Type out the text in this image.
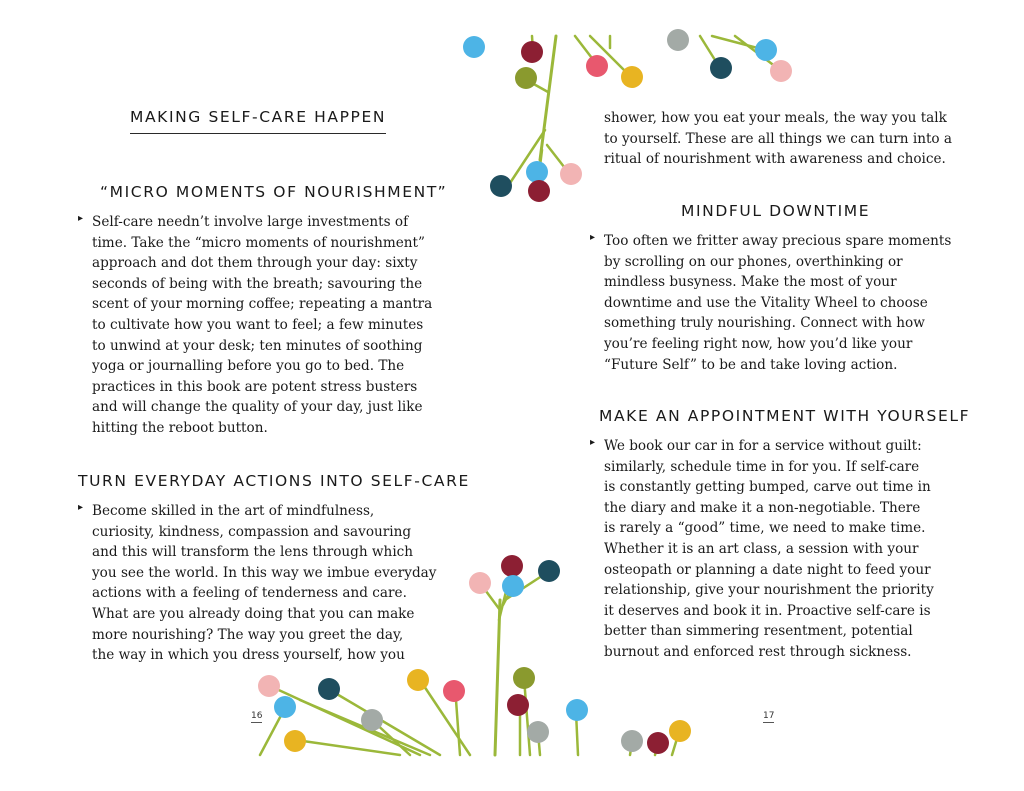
MAKING SELF-CARE HAPPEN
“MICRO MOMENTS OF NOURISHMENT”
▸ Self-care needn’t involve large investments of
time. Take the “micro moments of nourishment”
approach and dot them through your day: sixty
seconds of being with the breath; savouring the
scent of your morning coffee; repeating a mantra
to cultivate how you want to feel; a few minutes
to unwind at your desk; ten minutes of soothing
yoga or journalling before you go to bed. The
practices in this book are potent stress busters
and will change the quality of your day, just like
hitting the reboot button.
TURN EVERYDAY ACTIONS INTO SELF-CARE
▸ Become skilled in the art of mindfulness,
curiosity, kindness, compassion and savouring
and this will transform the lens through which
you see the world. In this way we imbue everyday
actions with a feeling of tenderness and care.
What are you already doing that you can make
more nourishing? The way you greet the day,
the way in which you dress yourself, how you
16
shower, how you eat your meals, the way you talk
to yourself. These are all things we can turn into a
ritual of nourishment with awareness and choice.
MINDFUL DOWNTIME
▸ Too often we fritter away precious spare moments
by scrolling on our phones, overthinking or
mindless busyness. Make the most of your
downtime and use the Vitality Wheel to choose
something truly nourishing. Connect with how
you’re feeling right now, how you’d like your
“Future Self” to be and take loving action.
MAKE AN APPOINTMENT WITH YOURSELF
▸ We book our car in for a service without guilt:
similarly, schedule time in for you. If self-care
is constantly getting bumped, carve out time in
the diary and make it a non-negotiable. There
is rarely a “good” time, we need to make time.
Whether it is an art class, a session with your
osteopath or planning a date night to feed your
relationship, give your nourishment the priority
it deserves and book it in. Proactive self-care is
better than simmering resentment, potential
burnout and enforced rest through sickness.
17
